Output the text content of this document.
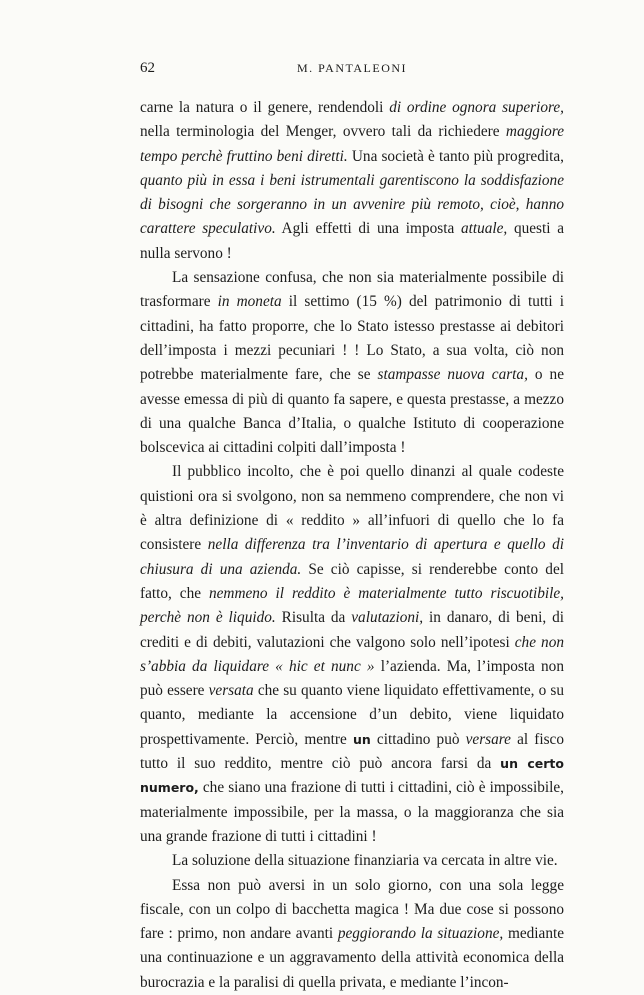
62	M. PANTALEONI

carne la natura o il genere, rendendoli di ordine ognora superiore, nella terminologia del Menger, ovvero tali da richiedere maggiore tempo perchè fruttino beni diretti. Una società è tanto più progredita, quanto più in essa i beni istrumentali garentiscono la soddisfazione di bisogni che sorgeranno in un avvenire più remoto, cioè, hanno carattere speculativo. Agli effetti di una imposta attuale, questi a nulla servono !

La sensazione confusa, che non sia materialmente possibile di trasformare in moneta il settimo (15 %) del patrimonio di tutti i cittadini, ha fatto proporre, che lo Stato istesso prestasse ai debitori dell’imposta i mezzi pecuniari ! ! Lo Stato, a sua volta, ciò non potrebbe materialmente fare, che se stampasse nuova carta, o ne avesse emessa di più di quanto fa sapere, e questa prestasse, a mezzo di una qualche Banca d’Italia, o qualche Istituto di cooperazione bolscevica ai cittadini colpiti dall’imposta !

Il pubblico incolto, che è poi quello dinanzi al quale codeste quistioni ora si svolgono, non sa nemmeno comprendere, che non vi è altra definizione di « reddito » all’infuori di quello che lo fa consistere nella differenza tra l’inventario di apertura e quello di chiusura di una azienda. Se ciò capisse, si renderebbe conto del fatto, che nemmeno il reddito è materialmente tutto riscuotibile, perchè non è liquido. Risulta da valutazioni, in danaro, di beni, di crediti e di debiti, valutazioni che valgono solo nell’ipotesi che non s’abbia da liquidare « hic et nunc » l’azienda. Ma, l’imposta non può essere versata che su quanto viene liquidato effettivamente, o su quanto, mediante la accensione d’un debito, viene liquidato prospettivamente. Perciò, mentre un cittadino può versare al fisco tutto il suo reddito, mentre ciò può ancora farsi da un certo numero, che siano una frazione di tutti i cittadini, ciò è impossibile, materialmente impossibile, per la massa, o la maggioranza che sia una grande frazione di tutti i cittadini !

La soluzione della situazione finanziaria va cercata in altre vie.

Essa non può aversi in un solo giorno, con una sola legge fiscale, con un colpo di bacchetta magica ! Ma due cose si possono fare : primo, non andare avanti peggiorando la situazione, mediante una continuazione e un aggravamento della attività economica della burocrazia e la paralisi di quella privata, e mediante l’incon-
